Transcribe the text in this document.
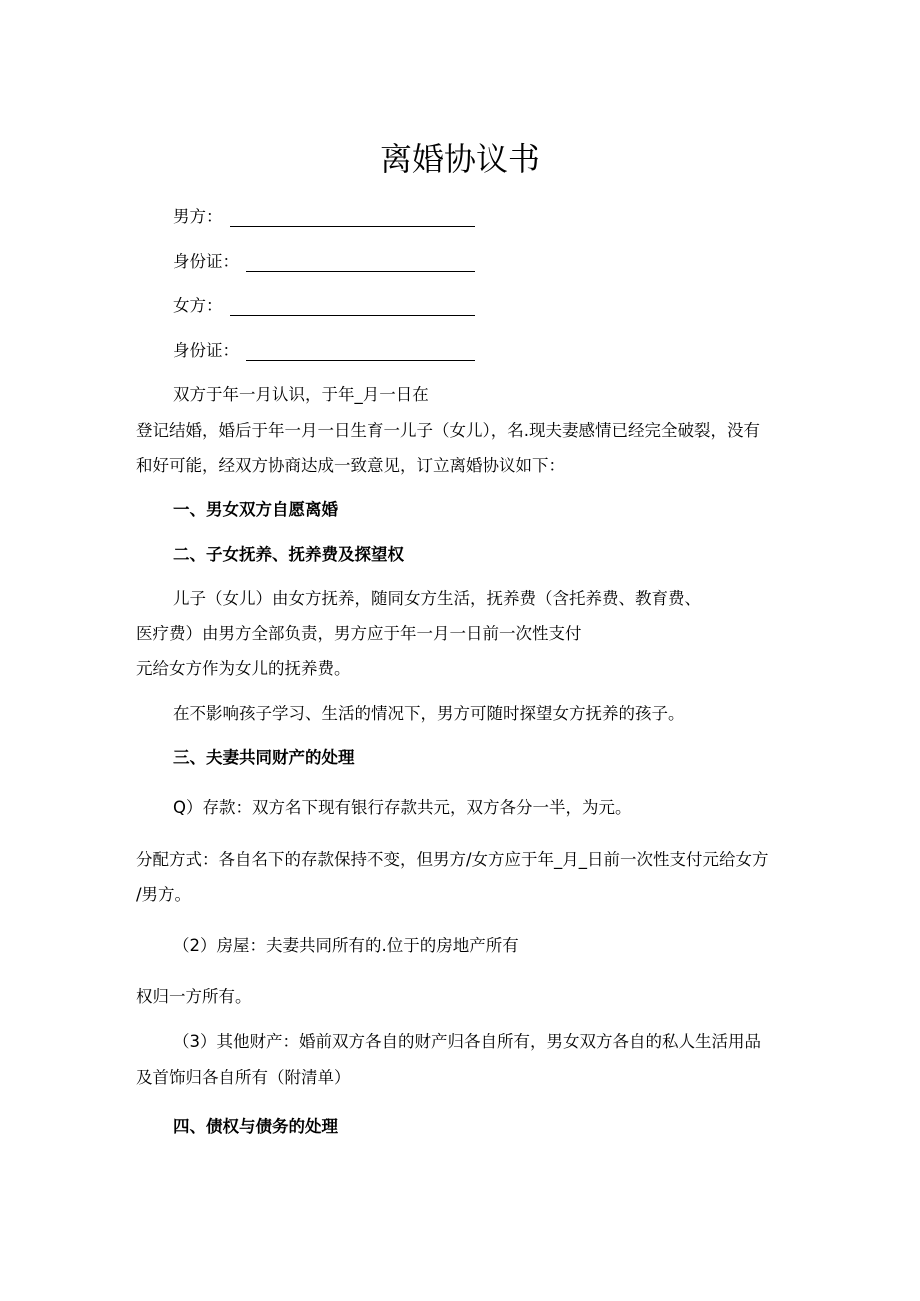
离婚协议书
男方：
身份证：
女方：
身份证：
双方于年一月认识，于年_月一日在
登记结婚，婚后于年一月一日生育一儿子（女儿），名.现夫妻感情已经完全破裂，没有
和好可能，经双方协商达成一致意见，订立离婚协议如下：
一、男女双方自愿离婚
二、子女抚养、抚养费及探望权
儿子（女儿）由女方抚养，随同女方生活，抚养费（含托养费、教育费、
医疗费）由男方全部负责，男方应于年一月一日前一次性支付
元给女方作为女儿的抚养费。
在不影响孩子学习、生活的情况下，男方可随时探望女方抚养的孩子。
三、夫妻共同财产的处理
Q）存款：双方名下现有银行存款共元，双方各分一半，为元。
分配方式：各自名下的存款保持不变，但男方/女方应于年_月_日前一次性支付元给女方
/男方。
（2）房屋：夫妻共同所有的.位于的房地产所有
权归一方所有。
（3）其他财产：婚前双方各自的财产归各自所有，男女双方各自的私人生活用品
及首饰归各自所有（附清单）
四、债权与债务的处理
